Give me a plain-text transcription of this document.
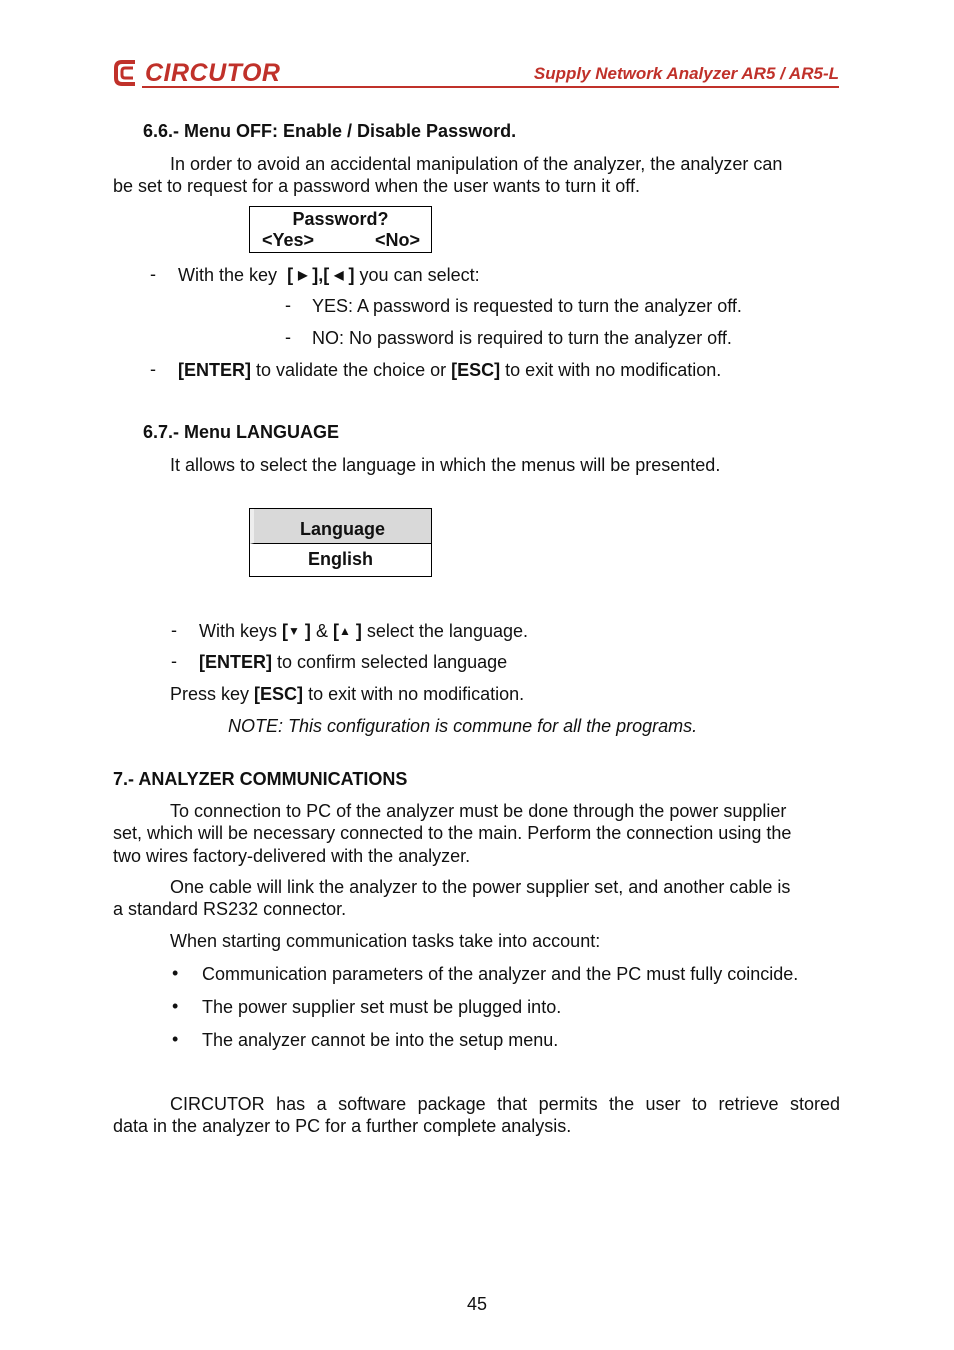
CIRCUTOR	Supply Network Analyzer AR5 / AR5-L
6.6.- Menu OFF: Enable / Disable Password.

In order to avoid an accidental manipulation of the analyzer, the analyzer can

be set to request for a password when the user wants to turn it off.

Password?
<Yes>	<No>
- With the key  [ ▶ ],[ ◀ ] you can select:

- YES: A password is requested to turn the analyzer off.

- NO: No password is required to turn the analyzer off.

- [ENTER] to validate the choice or [ESC] to exit with no modification.

6.7.- Menu LANGUAGE

It allows to select the language in which the menus will be presented.

Language
English
- With keys [▼ ] & [▲ ] select the language.

- [ENTER] to confirm selected language

Press key [ESC] to exit with no modification.

NOTE: This configuration is commune for all the programs.

7.- ANALYZER COMMUNICATIONS

To connection to PC of the analyzer must be done through the power supplier

set, which will be necessary connected to the main. Perform the connection using the

two wires factory-delivered with the analyzer.

One cable will link the analyzer to the power supplier set, and another cable is

a standard RS232 connector.

When starting communication tasks take into account:

• Communication parameters of the analyzer and the PC must fully coincide.

• The power supplier set must be plugged into.

• The analyzer cannot be into the setup menu.

CIRCUTOR has a software package that permits the user to retrieve stored

data in the analyzer to PC for a further complete analysis.

45
